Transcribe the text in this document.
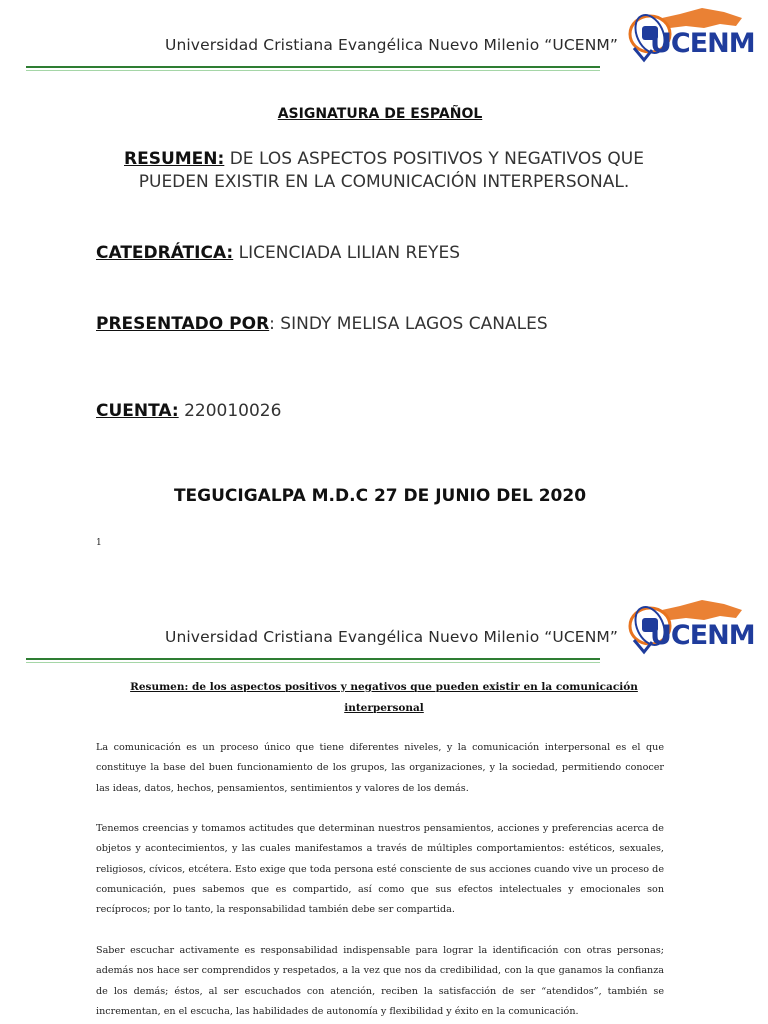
Universidad Cristiana Evangélica Nuevo Milenio “UCENM” UCENM
ASIGNATURA DE ESPAÑOL
RESUMEN: DE LOS ASPECTOS POSITIVOS Y NEGATIVOS QUE PUEDEN EXISTIR EN LA COMUNICACIÓN INTERPERSONAL.
CATEDRÁTICA: LICENCIADA LILIAN REYES
PRESENTADO POR: SINDY MELISA LAGOS CANALES
CUENTA: 220010026
TEGUCIGALPA M.D.C 27 DE JUNIO DEL 2020
1
Universidad Cristiana Evangélica Nuevo Milenio “UCENM” UCENM
Resumen: de los aspectos positivos y negativos que pueden existir en la comunicación interpersonal
La comunicación es un proceso único que tiene diferentes niveles, y la comunicación interpersonal es el que constituye la base del buen funcionamiento de los grupos, las organizaciones, y la sociedad, permitiendo conocer las ideas, datos, hechos, pensamientos, sentimientos y valores de los demás.
Tenemos creencias y tomamos actitudes que determinan nuestros pensamientos, acciones y preferencias acerca de objetos y acontecimientos, y las cuales manifestamos a través de múltiples comportamientos: estéticos, sexuales, religiosos, cívicos, etcétera. Esto exige que toda persona esté consciente de sus acciones cuando vive un proceso de comunicación, pues sabemos que es compartido, así como que sus efectos intelectuales y emocionales son recíprocos; por lo tanto, la responsabilidad también debe ser compartida.
Saber escuchar activamente es responsabilidad indispensable para lograr la identificación con otras personas; además nos hace ser comprendidos y respetados, a la vez que nos da credibilidad, con la que ganamos la confianza de los demás; éstos, al ser escuchados con atención, reciben la satisfacción de ser “atendidos”, también se incrementan, en el escucha, las habilidades de autonomía y flexibilidad y éxito en la comunicación.
